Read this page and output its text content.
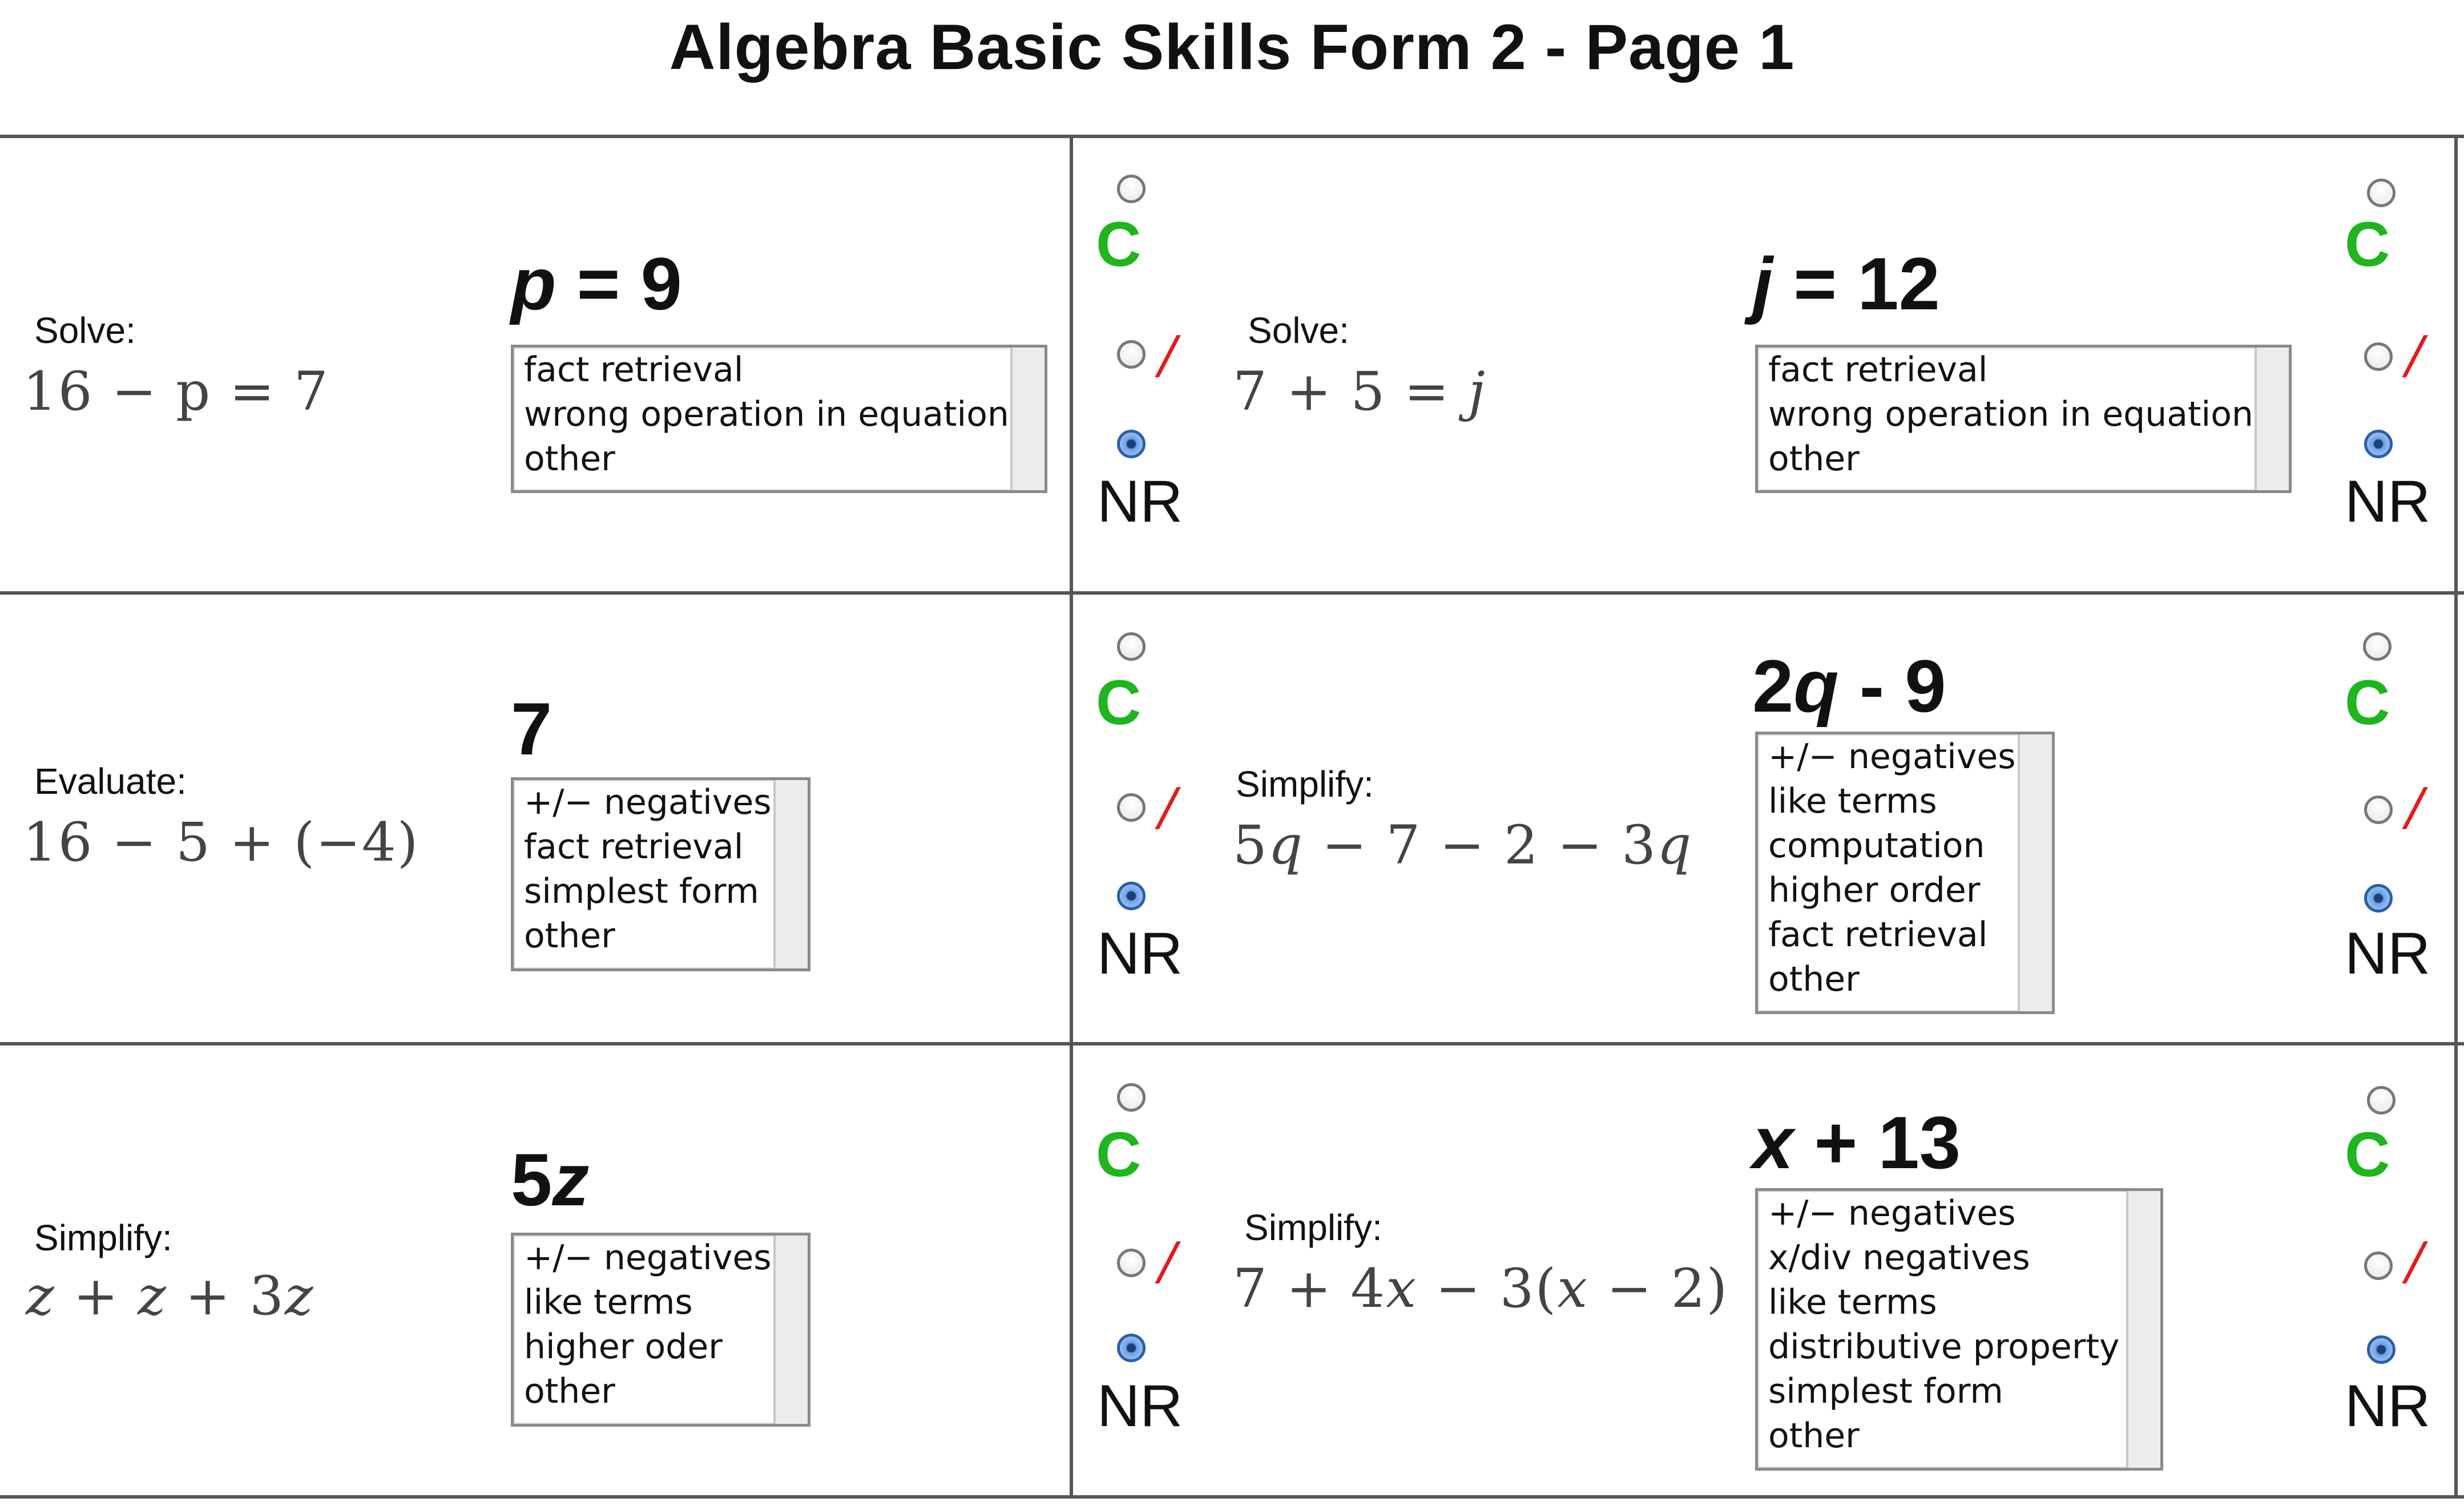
Algebra Basic Skills Form 2 - Page 1
Solve:
16 − p = 7
p = 9
fact retrieval
wrong operation in equation
other
C
/
NR
Solve:
7 + 5 = j
j = 12
fact retrieval
wrong operation in equation
other
C
/
NR
Evaluate:
16 − 5 + (−4)
7
+/− negatives
fact retrieval
simplest form
other
C
/
NR
Simplify:
5q − 7 − 2 − 3q
2q - 9
+/− negatives
like terms
computation
higher order
fact retrieval
other
C
/
NR
Simplify:
z + z + 3z
5z
+/− negatives
like terms
higher oder
other
C
/
NR
Simplify:
7 + 4x − 3(x − 2)
x + 13
+/− negatives
x/div negatives
like terms
distributive property
simplest form
other
C
/
NR
